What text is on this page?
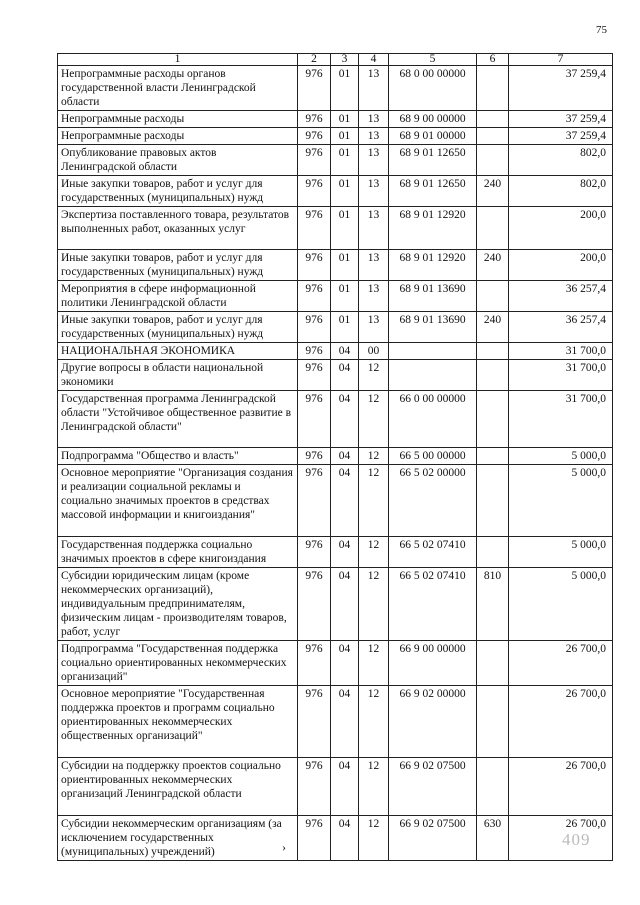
75
1	2	3	4	5	6	7
Непрограммные расходы органов государственной власти Ленинградской области	976	01	13	68 0 00 00000		37 259,4
Непрограммные расходы	976	01	13	68 9 00 00000		37 259,4
Непрограммные расходы	976	01	13	68 9 01 00000		37 259,4
Опубликование правовых актов Ленинградской области	976	01	13	68 9 01 12650		802,0
Иные закупки товаров, работ и услуг для государственных (муниципальных) нужд	976	01	13	68 9 01 12650	240	802,0
Экспертиза поставленного товара, результатов выполненных работ, оказанных услуг	976	01	13	68 9 01 12920		200,0
Иные закупки товаров, работ и услуг для государственных (муниципальных) нужд	976	01	13	68 9 01 12920	240	200,0
Мероприятия в сфере информационной политики Ленинградской области	976	01	13	68 9 01 13690		36 257,4
Иные закупки товаров, работ и услуг для государственных (муниципальных) нужд	976	01	13	68 9 01 13690	240	36 257,4
НАЦИОНАЛЬНАЯ ЭКОНОМИКА	976	04	00			31 700,0
Другие вопросы в области национальной экономики	976	04	12			31 700,0
Государственная программа Ленинградской области "Устойчивое общественное развитие в Ленинградской области"	976	04	12	66 0 00 00000		31 700,0
Подпрограмма "Общество и власть"	976	04	12	66 5 00 00000		5 000,0
Основное мероприятие "Организация создания и реализации социальной рекламы и социально значимых проектов в средствах массовой информации и книгоиздания"	976	04	12	66 5 02 00000		5 000,0
Государственная поддержка социально значимых проектов в сфере книгоиздания	976	04	12	66 5 02 07410		5 000,0
Субсидии юридическим лицам (кроме некоммерческих организаций), индивидуальным предпринимателям, физическим лицам - производителям товаров, работ, услуг	976	04	12	66 5 02 07410	810	5 000,0
Подпрограмма "Государственная поддержка социально ориентированных некоммерческих организаций"	976	04	12	66 9 00 00000		26 700,0
Основное мероприятие "Государственная поддержка проектов и программ социально ориентированных некоммерческих общественных организаций"	976	04	12	66 9 02 00000		26 700,0
Субсидии на поддержку проектов социально ориентированных некоммерческих организаций Ленинградской области	976	04	12	66 9 02 07500		26 700,0
Субсидии некоммерческим организациям (за исключением государственных (муниципальных) учреждений)	976	04	12	66 9 02 07500	630	26 700,0
›	409
